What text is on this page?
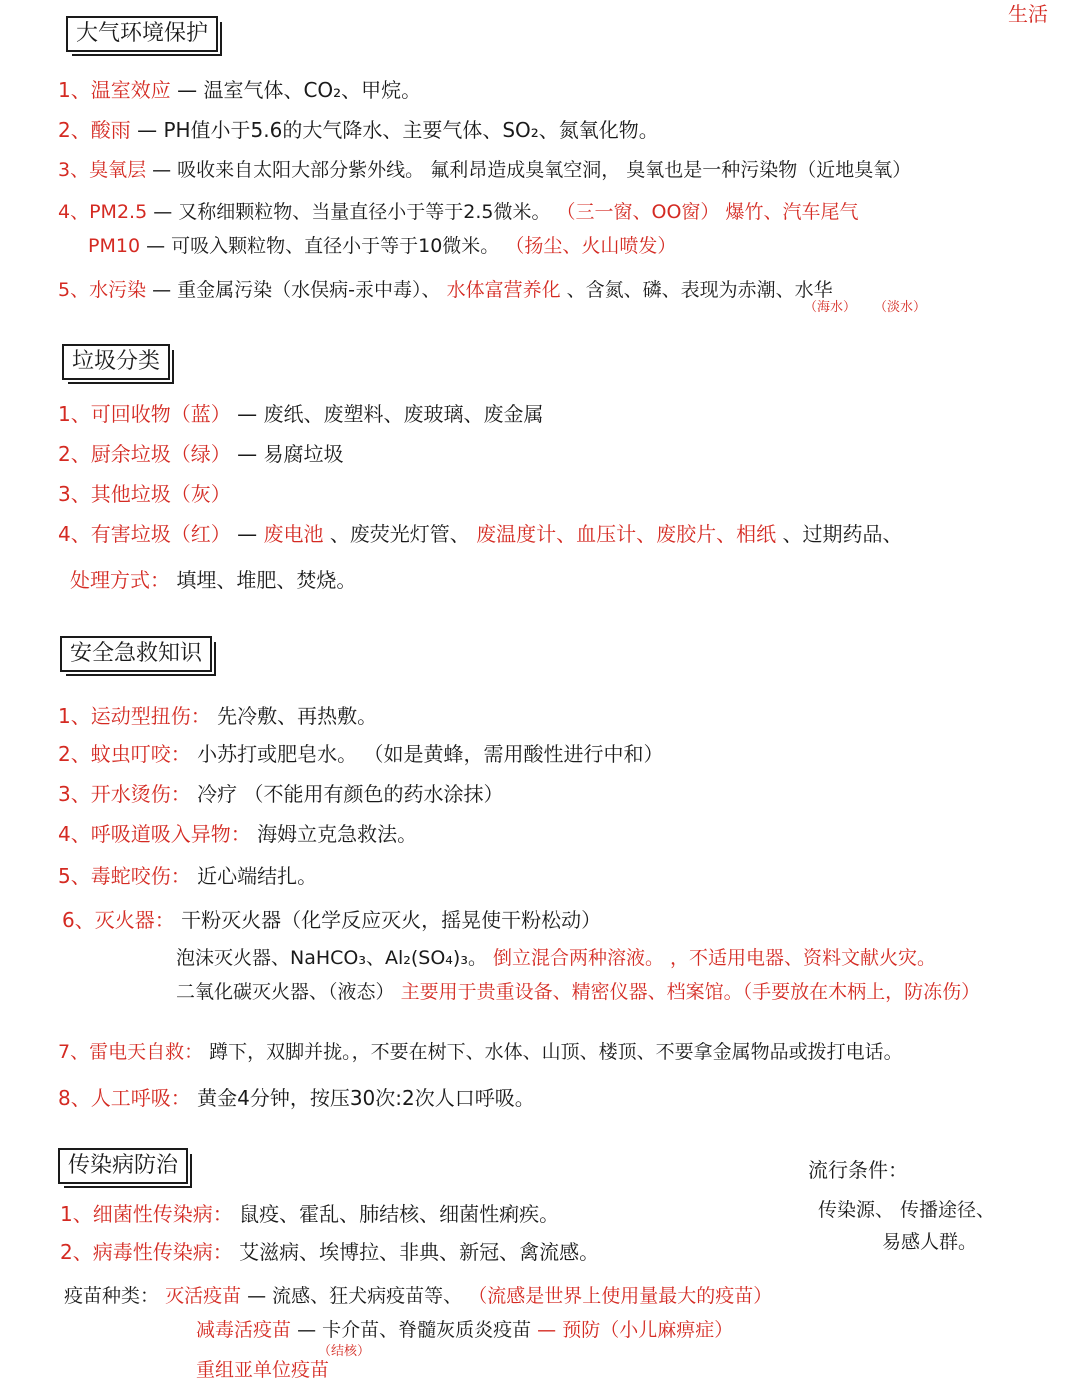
生活
大气环境保护
1、温室效应 — 温室气体、CO₂、甲烷。
2、酸雨 — PH值小于5.6的大气降水、主要气体、SO₂、氮氧化物。
3、臭氧层 — 吸收来自太阳大部分紫外线。 氟利昂造成臭氧空洞， 臭氧也是一种污染物（近地臭氧）
4、PM2.5 — 又称细颗粒物、当量直径小于等于2.5微米。 （三一窗、OO窗） 爆竹、汽车尾气
PM10 — 可吸入颗粒物、直径小于等于10微米。 （扬尘、火山喷发）
5、水污染 — 重金属污染（水俣病-汞中毒）、 水体富营养化 、含氮、磷、表现为赤潮、水华
（海水） （淡水）
垃圾分类
1、可回收物（蓝） — 废纸、废塑料、废玻璃、废金属
2、厨余垃圾（绿） — 易腐垃圾
3、其他垃圾（灰）
4、有害垃圾（红） — 废电池 、废荧光灯管、 废温度计、血压计、废胶片、相纸 、过期药品、
处理方式： 填埋、堆肥、焚烧。
安全急救知识
1、运动型扭伤： 先冷敷、再热敷。
2、蚊虫叮咬： 小苏打或肥皂水。 （如是黄蜂，需用酸性进行中和）
3、开水烫伤： 冷疗 （不能用有颜色的药水涂抹）
4、呼吸道吸入异物： 海姆立克急救法。
5、毒蛇咬伤： 近心端结扎。
6、灭火器： 干粉灭火器（化学反应灭火，摇晃使干粉松动）
泡沫灭火器、NaHCO₃、Al₂(SO₄)₃。 倒立混合两种溶液。 ，不适用电器、资料文献火灾。
二氧化碳灭火器、（液态） 主要用于贵重设备、精密仪器、档案馆。（手要放在木柄上，防冻伤）
7、雷电天自救： 蹲下，双脚并拢。，不要在树下、水体、山顶、楼顶、不要拿金属物品或拨打电话。
8、人工呼吸： 黄金4分钟，按压30次:2次人口呼吸。
传染病防治
1、细菌性传染病： 鼠疫、霍乱、肺结核、细菌性痢疾。
2、病毒性传染病： 艾滋病、埃博拉、非典、新冠、禽流感。
疫苗种类： 灭活疫苗 — 流感、狂犬病疫苗等、 （流感是世界上使用量最大的疫苗）
减毒活疫苗 — 卡介苗、脊髓灰质炎疫苗 — 预防（小儿麻痹症）
（结核）
重组亚单位疫苗
流行条件：
传染源、 传播途径、
易感人群。
